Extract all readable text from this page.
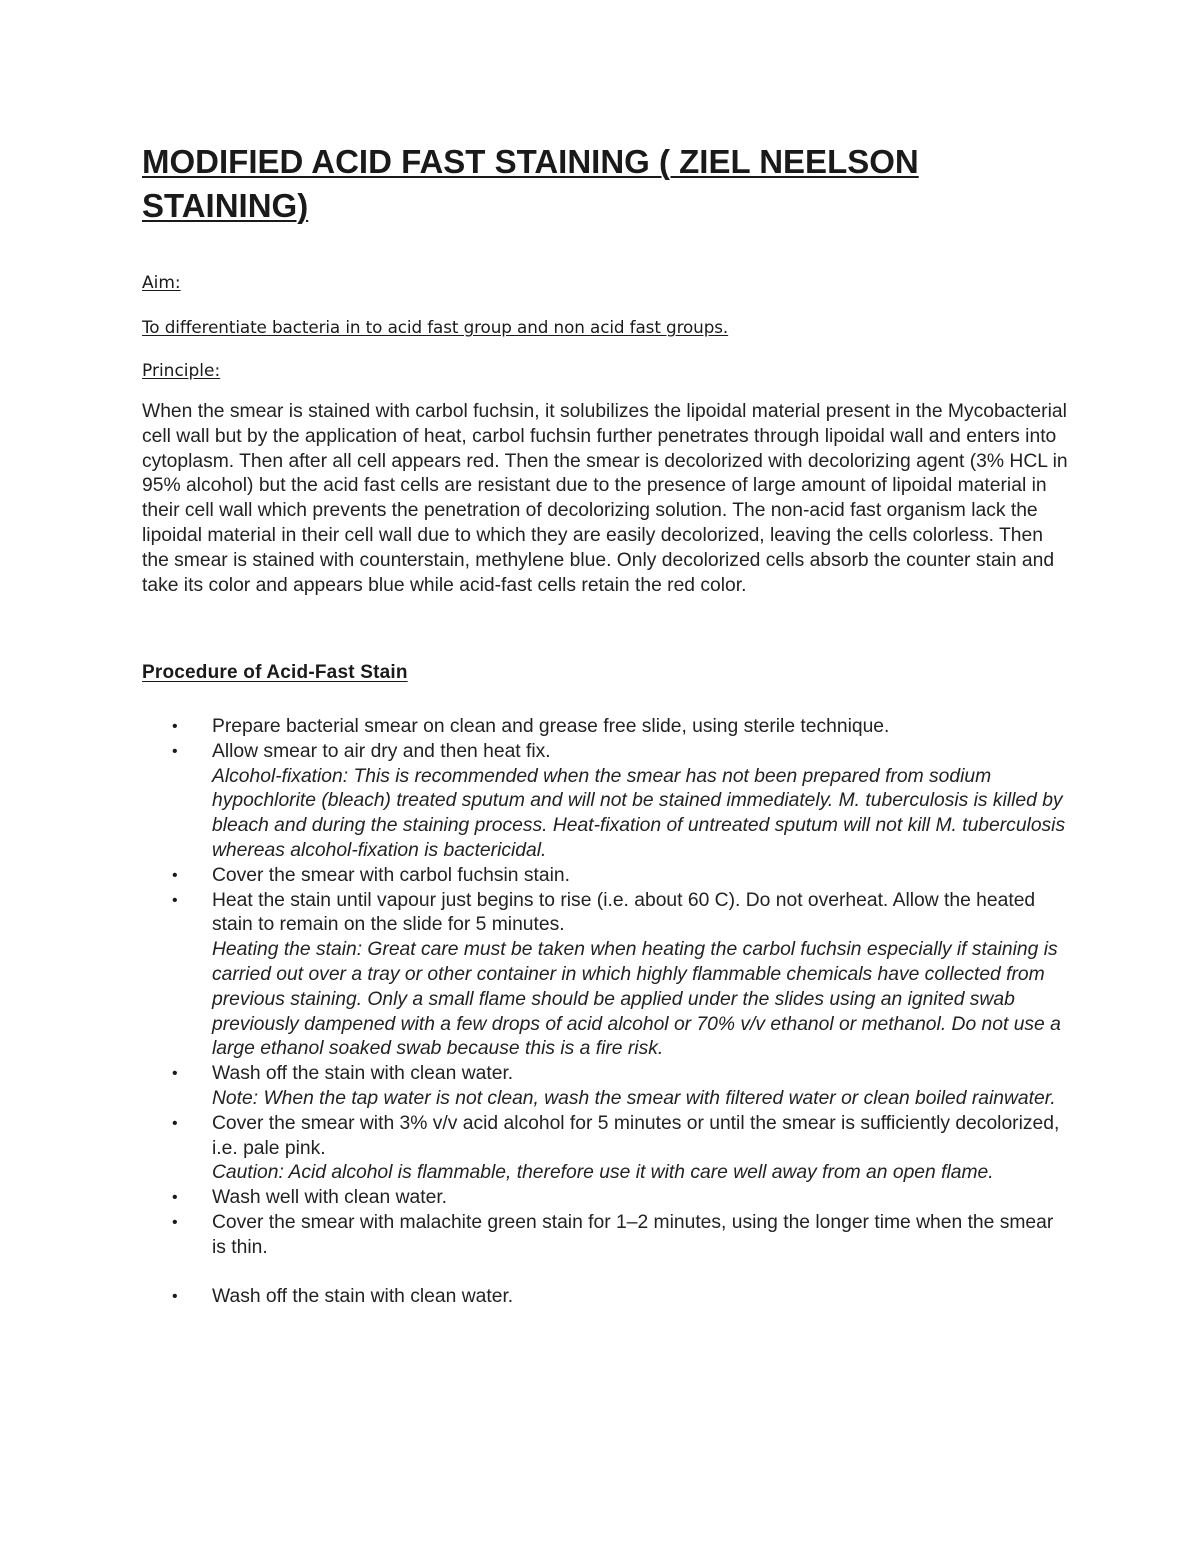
MODIFIED ACID FAST STAINING ( ZIEL NEELSON STAINING)
Aim:
To differentiate bacteria in to acid fast group and non acid fast groups.
Principle:

When the smear is stained with carbol fuchsin, it solubilizes the lipoidal material present in the Mycobacterial cell wall but by the application of heat, carbol fuchsin further penetrates through lipoidal wall and enters into cytoplasm. Then after all cell appears red. Then the smear is decolorized with decolorizing agent (3% HCL in 95% alcohol) but the acid fast cells are resistant due to the presence of large amount of lipoidal material in their cell wall which prevents the penetration of decolorizing solution. The non-acid fast organism lack the lipoidal material in their cell wall due to which they are easily decolorized, leaving the cells colorless. Then the smear is stained with counterstain, methylene blue. Only decolorized cells absorb the counter stain and take its color and appears blue while acid-fast cells retain the red color.

Procedure of Acid-Fast Stain
•	Prepare bacterial smear on clean and grease free slide, using sterile technique.
•	Allow smear to air dry and then heat fix.
Alcohol-fixation: This is recommended when the smear has not been prepared from sodium hypochlorite (bleach) treated sputum and will not be stained immediately. M. tuberculosis is killed by bleach and during the staining process. Heat-fixation of untreated sputum will not kill M. tuberculosis whereas alcohol-fixation is bactericidal.
•	Cover the smear with carbol fuchsin stain.
•	Heat the stain until vapour just begins to rise (i.e. about 60 C). Do not overheat. Allow the heated stain to remain on the slide for 5 minutes.
Heating the stain: Great care must be taken when heating the carbol fuchsin especially if staining is carried out over a tray or other container in which highly flammable chemicals have collected from previous staining. Only a small flame should be applied under the slides using an ignited swab previously dampened with a few drops of acid alcohol or 70% v/v ethanol or methanol. Do not use a large ethanol soaked swab because this is a fire risk.
•	Wash off the stain with clean water.
Note: When the tap water is not clean, wash the smear with filtered water or clean boiled rainwater.
•	Cover the smear with 3% v/v acid alcohol for 5 minutes or until the smear is sufficiently decolorized, i.e. pale pink.
Caution: Acid alcohol is flammable, therefore use it with care well away from an open flame.
•	Wash well with clean water.
•	Cover the smear with malachite green stain for 1–2 minutes, using the longer time when the smear is thin.
•	Wash off the stain with clean water.
